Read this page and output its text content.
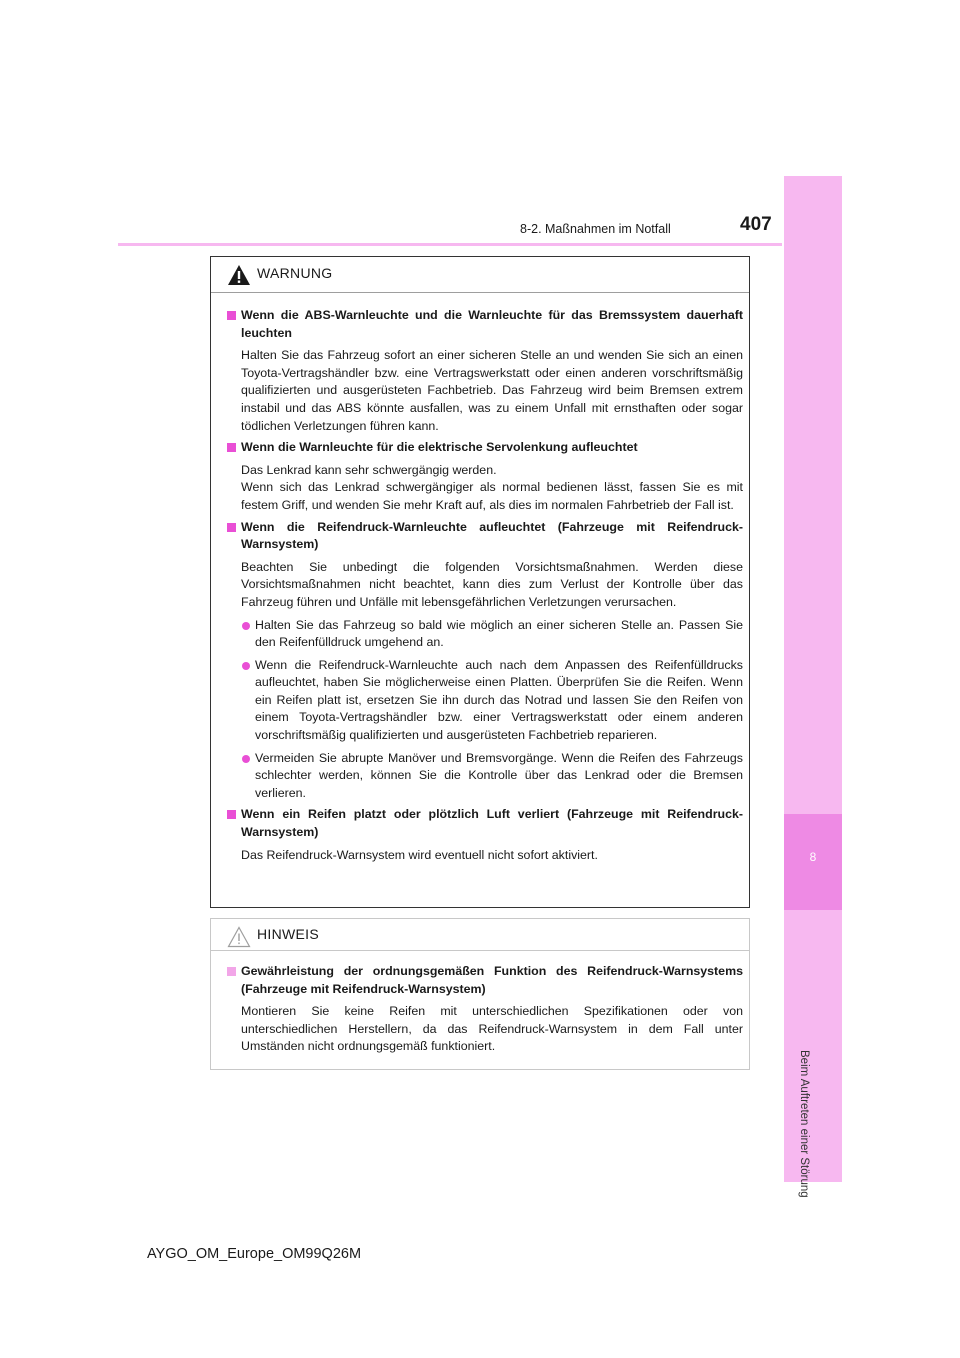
8
Beim Auftreten einer Störung
8-2. Maßnahmen im Notfall	407
WARNUNG
Wenn die ABS-Warnleuchte und die Warnleuchte für das Bremssystem dauerhaft leuchten

Halten Sie das Fahrzeug sofort an einer sicheren Stelle an und wenden Sie sich an einen Toyota-Vertragshändler bzw. eine Vertragswerkstatt oder einen anderen vorschriftsmäßig qualifizierten und ausgerüsteten Fachbetrieb. Das Fahrzeug wird beim Bremsen extrem instabil und das ABS könnte ausfallen, was zu einem Unfall mit ernsthaften oder sogar tödlichen Verletzungen führen kann.

Wenn die Warnleuchte für die elektrische Servolenkung aufleuchtet

Das Lenkrad kann sehr schwergängig werden.

Wenn sich das Lenkrad schwergängiger als normal bedienen lässt, fassen Sie es mit festem Griff, und wenden Sie mehr Kraft auf, als dies im normalen Fahrbetrieb der Fall ist.

Wenn die Reifendruck-Warnleuchte aufleuchtet (Fahrzeuge mit Reifendruck-Warnsystem)

Beachten Sie unbedingt die folgenden Vorsichtsmaßnahmen. Werden diese Vorsichtsmaßnahmen nicht beachtet, kann dies zum Verlust der Kontrolle über das Fahrzeug führen und Unfälle mit lebensgefährlichen Verletzungen verursachen.

Halten Sie das Fahrzeug so bald wie möglich an einer sicheren Stelle an. Passen Sie den Reifenfülldruck umgehend an.
Wenn die Reifendruck-Warnleuchte auch nach dem Anpassen des Reifenfülldrucks aufleuchtet, haben Sie möglicherweise einen Platten. Überprüfen Sie die Reifen. Wenn ein Reifen platt ist, ersetzen Sie ihn durch das Notrad und lassen Sie den Reifen von einem Toyota-Vertragshändler bzw. einer Vertragswerkstatt oder einem anderen vorschriftsmäßig qualifizierten und ausgerüsteten Fachbetrieb reparieren.
Vermeiden Sie abrupte Manöver und Bremsvorgänge. Wenn die Reifen des Fahrzeugs schlechter werden, können Sie die Kontrolle über das Lenkrad oder die Bremsen verlieren.
Wenn ein Reifen platzt oder plötzlich Luft verliert (Fahrzeuge mit Reifendruck-Warnsystem)

Das Reifendruck-Warnsystem wird eventuell nicht sofort aktiviert.

HINWEIS
Gewährleistung der ordnungsgemäßen Funktion des Reifendruck-Warnsystems (Fahrzeuge mit Reifendruck-Warnsystem)

Montieren Sie keine Reifen mit unterschiedlichen Spezifikationen oder von unterschiedlichen Herstellern, da das Reifendruck-Warnsystem in dem Fall unter Umständen nicht ordnungsgemäß funktioniert.

AYGO_OM_Europe_OM99Q26M
